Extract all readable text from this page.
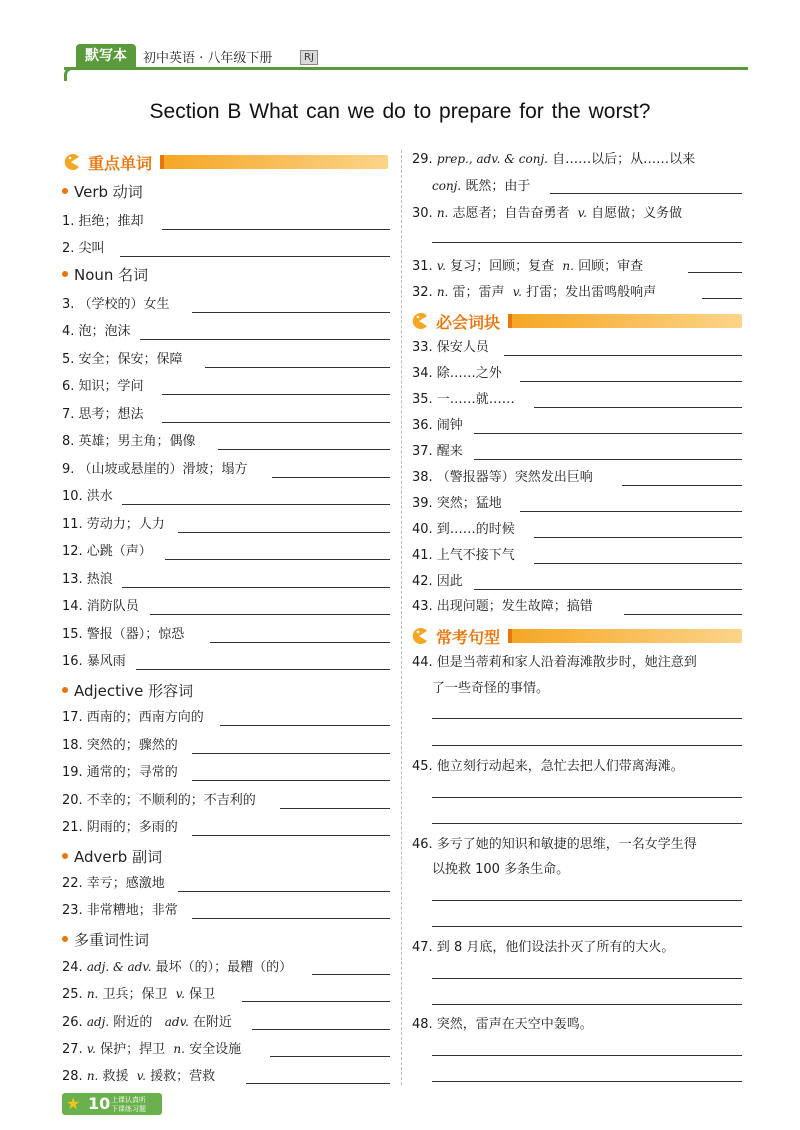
默写本	初中英语 · 八年级下册	RJ
Section B What can we do to prepare for the worst?
重点单词
Verb 动词
1. 拒绝；推却
2. 尖叫
Noun 名词
3. （学校的）女生
4. 泡；泡沫
5. 安全；保安；保障
6. 知识；学问
7. 思考；想法
8. 英雄；男主角；偶像
9. （山坡或悬崖的）滑坡；塌方
10. 洪水
11. 劳动力；人力
12. 心跳（声）
13. 热浪
14. 消防队员
15. 警报（器）；惊恐
16. 暴风雨
Adjective 形容词
17. 西南的；西南方向的
18. 突然的；骤然的
19. 通常的；寻常的
20. 不幸的；不顺利的；不吉利的
21. 阴雨的；多雨的
Adverb 副词
22. 幸亏；感激地
23. 非常糟地；非常
多重词性词
24. adj. & adv. 最坏（的）；最糟（的）
25. n. 卫兵；保卫 v. 保卫
26. adj. 附近的 adv. 在附近
27. v. 保护；捍卫 n. 安全设施
28. n. 救援 v. 援救；营救
29. prep., adv. & conj. 自……以后；从……以来
conj. 既然；由于
30. n. 志愿者；自告奋勇者 v. 自愿做；义务做
31. v. 复习；回顾；复查 n. 回顾；审查
32. n. 雷；雷声 v. 打雷；发出雷鸣般响声
必会词块
33. 保安人员
34. 除……之外
35. 一……就……
36. 闹钟
37. 醒来
38. （警报器等）突然发出巨响
39. 突然；猛地
40. 到……的时候
41. 上气不接下气
42. 因此
43. 出现问题；发生故障；搞错
常考句型
44. 但是当蒂莉和家人沿着海滩散步时，她注意到
了一些奇怪的事情。
45. 他立刻行动起来，急忙去把人们带离海滩。
46. 多亏了她的知识和敏捷的思维，一名女学生得
以挽救 100 多条生命。
47. 到 8 月底，他们设法扑灭了所有的大火。
48. 突然，雷声在天空中轰鸣。
★ 10 上课认真听
下课练习题
